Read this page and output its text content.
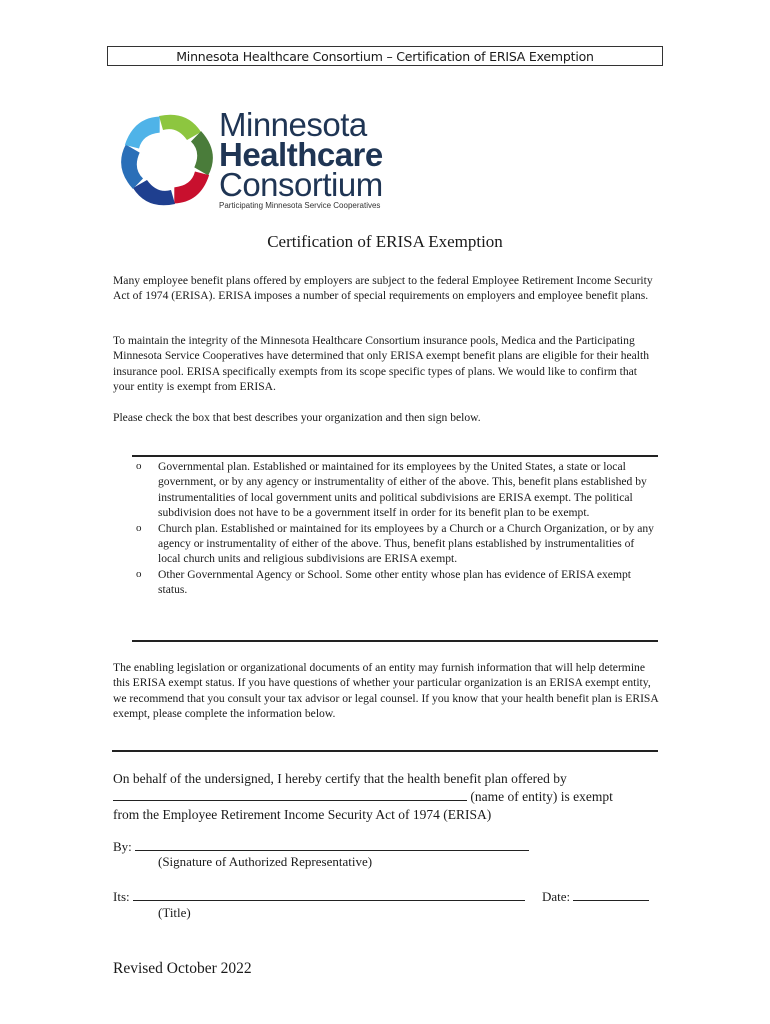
Minnesota Healthcare Consortium – Certification of ERISA Exemption
Minnesota
Healthcare
Consortium
Participating Minnesota Service Cooperatives
Certification of ERISA Exemption

Many employee benefit plans offered by employers are subject to the federal Employee Retirement Income Security Act of 1974 (ERISA). ERISA imposes a number of special requirements on employers and employee benefit plans.

To maintain the integrity of the Minnesota Healthcare Consortium insurance pools, Medica and the Participating Minnesota Service Cooperatives have determined that only ERISA exempt benefit plans are eligible for their health insurance pool. ERISA specifically exempts from its scope specific types of plans. We would like to confirm that your entity is exempt from ERISA.

Please check the box that best describes your organization and then sign below.

o	Governmental plan. Established or maintained for its employees by the United States, a state or local government, or by any agency or instrumentality of either of the above. This, benefit plans established by instrumentalities of local government units and political subdivisions are ERISA exempt. The political subdivision does not have to be a government itself in order for its benefit plan to be exempt.
o	Church plan. Established or maintained for its employees by a Church or a Church Organization, or by any agency or instrumentality of either of the above. Thus, benefit plans established by instrumentalities of local church units and religious subdivisions are ERISA exempt.
o	Other Governmental Agency or School. Some other entity whose plan has evidence of ERISA exempt status.

The enabling legislation or organizational documents of an entity may furnish information that will help determine this ERISA exempt status. If you have questions of whether your particular organization is an ERISA exempt entity, we recommend that you consult your tax advisor or legal counsel. If you know that your health benefit plan is ERISA exempt, please complete the information below.

On behalf of the undersigned, I hereby certify that the health benefit plan offered by
(name of entity) is exempt
from the Employee Retirement Income Security Act of 1974 (ERISA)
By:
(Signature of Authorized Representative)
Its:	Date:
(Title)
Revised October 2022
